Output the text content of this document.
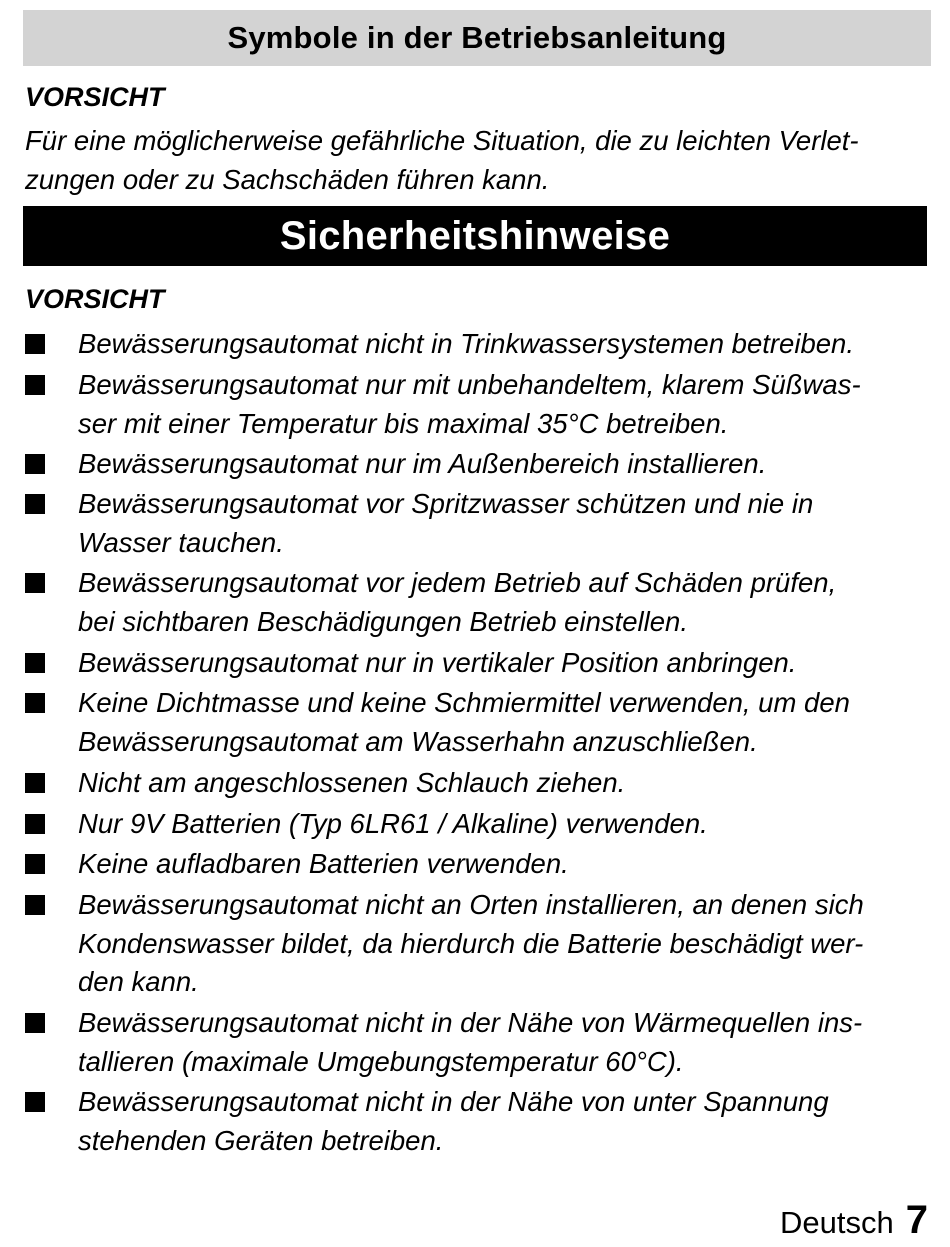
Symbole in der Betriebsanleitung
VORSICHT

Für eine möglicherweise gefährliche Situation, die zu leichten Verlet-
zungen oder zu Sachschäden führen kann.

Sicherheitshinweise
VORSICHT
Bewässerungsautomat nicht in Trinkwassersystemen betreiben.
Bewässerungsautomat nur mit unbehandeltem, klarem Süßwas-
ser mit einer Temperatur bis maximal 35°C betreiben.
Bewässerungsautomat nur im Außenbereich installieren.
Bewässerungsautomat vor Spritzwasser schützen und nie in
Wasser tauchen.
Bewässerungsautomat vor jedem Betrieb auf Schäden prüfen,
bei sichtbaren Beschädigungen Betrieb einstellen.
Bewässerungsautomat nur in vertikaler Position anbringen.
Keine Dichtmasse und keine Schmiermittel verwenden, um den
Bewässerungsautomat am Wasserhahn anzuschließen.
Nicht am angeschlossenen Schlauch ziehen.
Nur 9V Batterien (Typ 6LR61 / Alkaline) verwenden.
Keine aufladbaren Batterien verwenden.
Bewässerungsautomat nicht an Orten installieren, an denen sich
Kondenswasser bildet, da hierdurch die Batterie beschädigt wer-
den kann.
Bewässerungsautomat nicht in der Nähe von Wärmequellen ins-
tallieren (maximale Umgebungstemperatur 60°C).
Bewässerungsautomat nicht in der Nähe von unter Spannung
stehenden Geräten betreiben.
Deutsch 7
